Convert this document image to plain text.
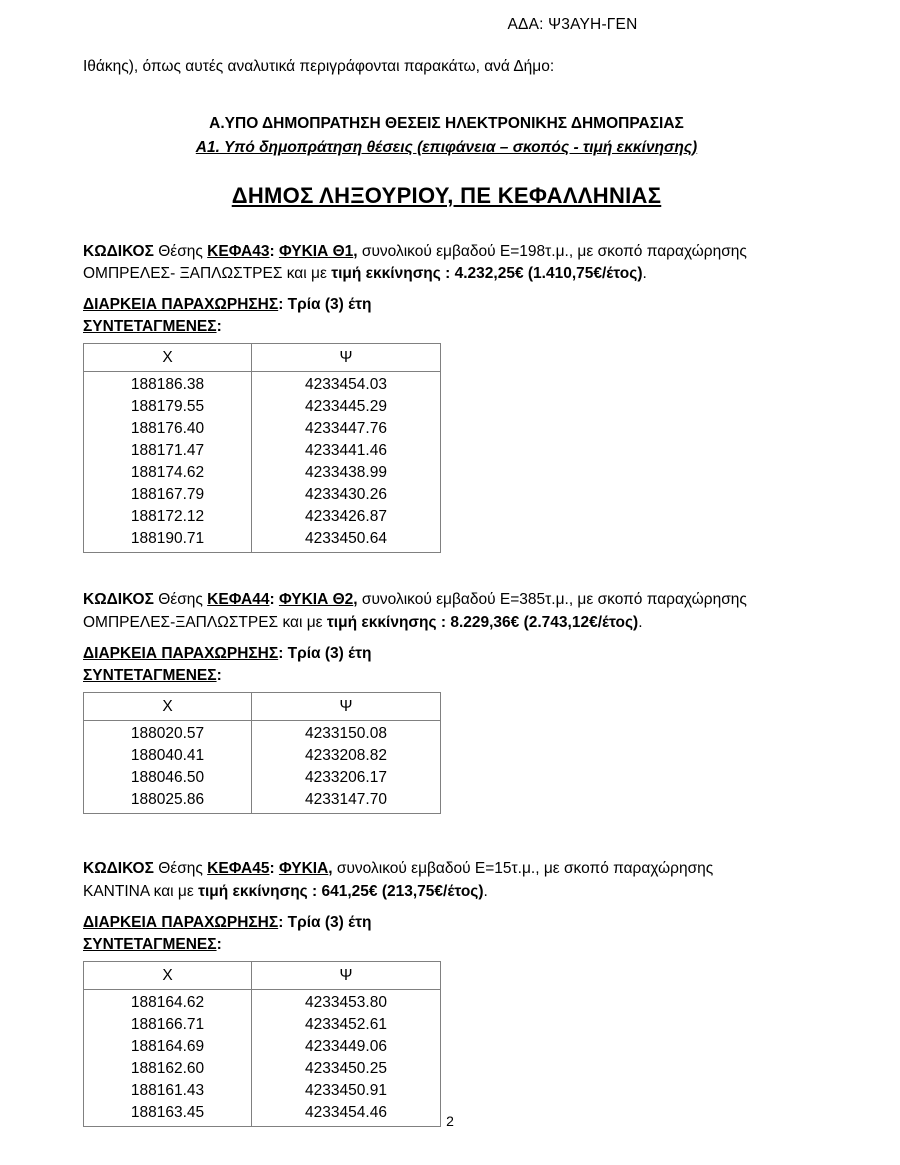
ΑΔΑ: Ψ3ΑΥΗ-ΓΕΝ

Ιθάκης), όπως αυτές αναλυτικά περιγράφονται παρακάτω, ανά Δήμο:

Α.ΥΠΟ ΔΗΜΟΠΡΑΤΗΣΗ ΘΕΣΕΙΣ ΗΛΕΚΤΡΟΝΙΚΗΣ ΔΗΜΟΠΡΑΣΙΑΣ
Α1. Υπό δημοπράτηση θέσεις (επιφάνεια – σκοπός - τιμή εκκίνησης)
ΔΗΜΟΣ ΛΗΞΟΥΡΙΟΥ, ΠΕ ΚΕΦΑΛΛΗΝΙΑΣ

ΚΩΔΙΚΟΣ Θέσης ΚΕΦΑ43: ΦΥΚΙΑ Θ1, συνολικού εμβαδού Ε=198τ.μ., με σκοπό παραχώρησης
ΟΜΠΡΕΛΕΣ- ΞΑΠΛΩΣΤΡΕΣ και με τιμή εκκίνησης : 4.232,25€ (1.410,75€/έτος).

ΔΙΑΡΚΕΙΑ ΠΑΡΑΧΩΡΗΣΗΣ: Τρία (3) έτη
ΣΥΝΤΕΤΑΓΜΕΝΕΣ:
Χ	Ψ
188186.38	4233454.03
188179.55	4233445.29
188176.40	4233447.76
188171.47	4233441.46
188174.62	4233438.99
188167.79	4233430.26
188172.12	4233426.87
188190.71	4233450.64

ΚΩΔΙΚΟΣ Θέσης ΚΕΦΑ44: ΦΥΚΙΑ Θ2, συνολικού εμβαδού Ε=385τ.μ., με σκοπό παραχώρησης
ΟΜΠΡΕΛΕΣ-ΞΑΠΛΩΣΤΡΕΣ και με τιμή εκκίνησης : 8.229,36€ (2.743,12€/έτος).

ΔΙΑΡΚΕΙΑ ΠΑΡΑΧΩΡΗΣΗΣ: Τρία (3) έτη
ΣΥΝΤΕΤΑΓΜΕΝΕΣ:
Χ	Ψ
188020.57	4233150.08
188040.41	4233208.82
188046.50	4233206.17
188025.86	4233147.70

ΚΩΔΙΚΟΣ Θέσης ΚΕΦΑ45: ΦΥΚΙΑ, συνολικού εμβαδού Ε=15τ.μ., με σκοπό παραχώρησης
ΚΑΝΤΙΝΑ και με τιμή εκκίνησης : 641,25€ (213,75€/έτος).

ΔΙΑΡΚΕΙΑ ΠΑΡΑΧΩΡΗΣΗΣ: Τρία (3) έτη
ΣΥΝΤΕΤΑΓΜΕΝΕΣ:
Χ	Ψ
188164.62	4233453.80
188166.71	4233452.61
188164.69	4233449.06
188162.60	4233450.25
188161.43	4233450.91
188163.45	4233454.46	2
